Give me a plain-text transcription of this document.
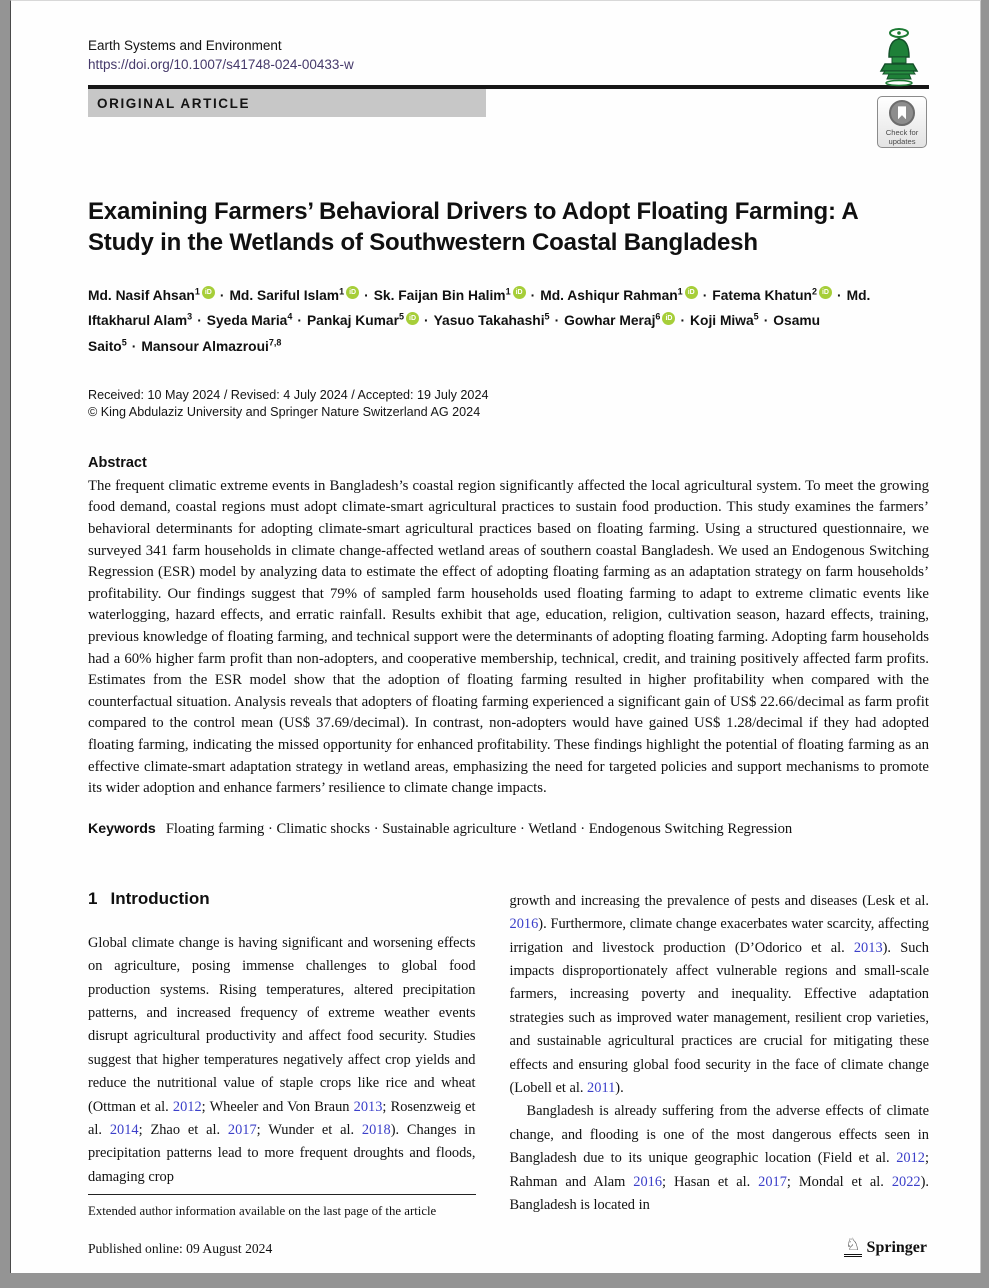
Earth Systems and Environment
https://doi.org/10.1007/s41748-024-00433-w
ORIGINAL ARTICLE
Check for
updates
Examining Farmers’ Behavioral Drivers to Adopt Floating Farming: A Study in the Wetlands of Southwestern Coastal Bangladesh
Md. Nasif Ahsan$^1$ iD · Md. Sariful Islam$^1$ iD · Sk. Faijan Bin Halim$^1$ iD · Md. Ashiqur Rahman$^1$ iD · Fatema Khatun$^2$ iD · Md. Iftakharul Alam$^3$ · Syeda Maria$^4$ · Pankaj Kumar$^5$ iD · Yasuo Takahashi$^5$ · Gowhar Meraj$^6$ iD · Koji Miwa$^5$ · Osamu Saito$^5$ · Mansour Almazroui$^{7,8}$
Received: 10 May 2024 / Revised: 4 July 2024 / Accepted: 19 July 2024
© King Abdulaziz University and Springer Nature Switzerland AG 2024
Abstract
The frequent climatic extreme events in Bangladesh’s coastal region significantly affected the local agricultural system. To meet the growing food demand, coastal regions must adopt climate-smart agricultural practices to sustain food production. This study examines the farmers’ behavioral determinants for adopting climate-smart agricultural practices based on floating farming. Using a structured questionnaire, we surveyed 341 farm households in climate change-affected wetland areas of southern coastal Bangladesh. We used an Endogenous Switching Regression (ESR) model by analyzing data to estimate the effect of adopting floating farming as an adaptation strategy on farm households’ profitability. Our findings suggest that 79% of sampled farm households used floating farming to adapt to extreme climatic events like waterlogging, hazard effects, and erratic rainfall. Results exhibit that age, education, religion, cultivation season, hazard effects, training, previous knowledge of floating farming, and technical support were the determinants of adopting floating farming. Adopting farm households had a 60% higher farm profit than non-adopters, and cooperative membership, technical, credit, and training positively affected farm profits. Estimates from the ESR model show that the adoption of floating farming resulted in higher profitability when compared with the counterfactual situation. Analysis reveals that adopters of floating farming experienced a significant gain of US$ 22.66/decimal as farm profit compared to the control mean (US$ 37.69/decimal). In contrast, non-adopters would have gained US$ 1.28/decimal if they had adopted floating farming, indicating the missed opportunity for enhanced profitability. These findings highlight the potential of floating farming as an effective climate-smart adaptation strategy in wetland areas, emphasizing the need for targeted policies and support mechanisms to promote its wider adoption and enhance farmers’ resilience to climate change impacts.
Keywords Floating farming · Climatic shocks · Sustainable agriculture · Wetland · Endogenous Switching Regression
1 Introduction

Global climate change is having significant and worsening effects on agriculture, posing immense challenges to global food production systems. Rising temperatures, altered precipitation patterns, and increased frequency of extreme weather events disrupt agricultural productivity and affect food security. Studies suggest that higher temperatures negatively affect crop yields and reduce the nutritional value of staple crops like rice and wheat (Ottman et al. 2012; Wheeler and Von Braun 2013; Rosenzweig et al. 2014; Zhao et al. 2017; Wunder et al. 2018). Changes in precipitation patterns lead to more frequent droughts and floods, damaging crop

Extended author information available on the last page of the article

growth and increasing the prevalence of pests and diseases (Lesk et al. 2016). Furthermore, climate change exacerbates water scarcity, affecting irrigation and livestock production (D’Odorico et al. 2013). Such impacts disproportionately affect vulnerable regions and small-scale farmers, increasing poverty and inequality. Effective adaptation strategies such as improved water management, resilient crop varieties, and sustainable agricultural practices are crucial for mitigating these effects and ensuring global food security in the face of climate change (Lobell et al. 2011).

Bangladesh is already suffering from the adverse effects of climate change, and flooding is one of the most dangerous effects seen in Bangladesh due to its unique geographic location (Field et al. 2012; Rahman and Alam 2016; Hasan et al. 2017; Mondal et al. 2022). Bangladesh is located in

Published online: 09 August 2024	♘ Springer
